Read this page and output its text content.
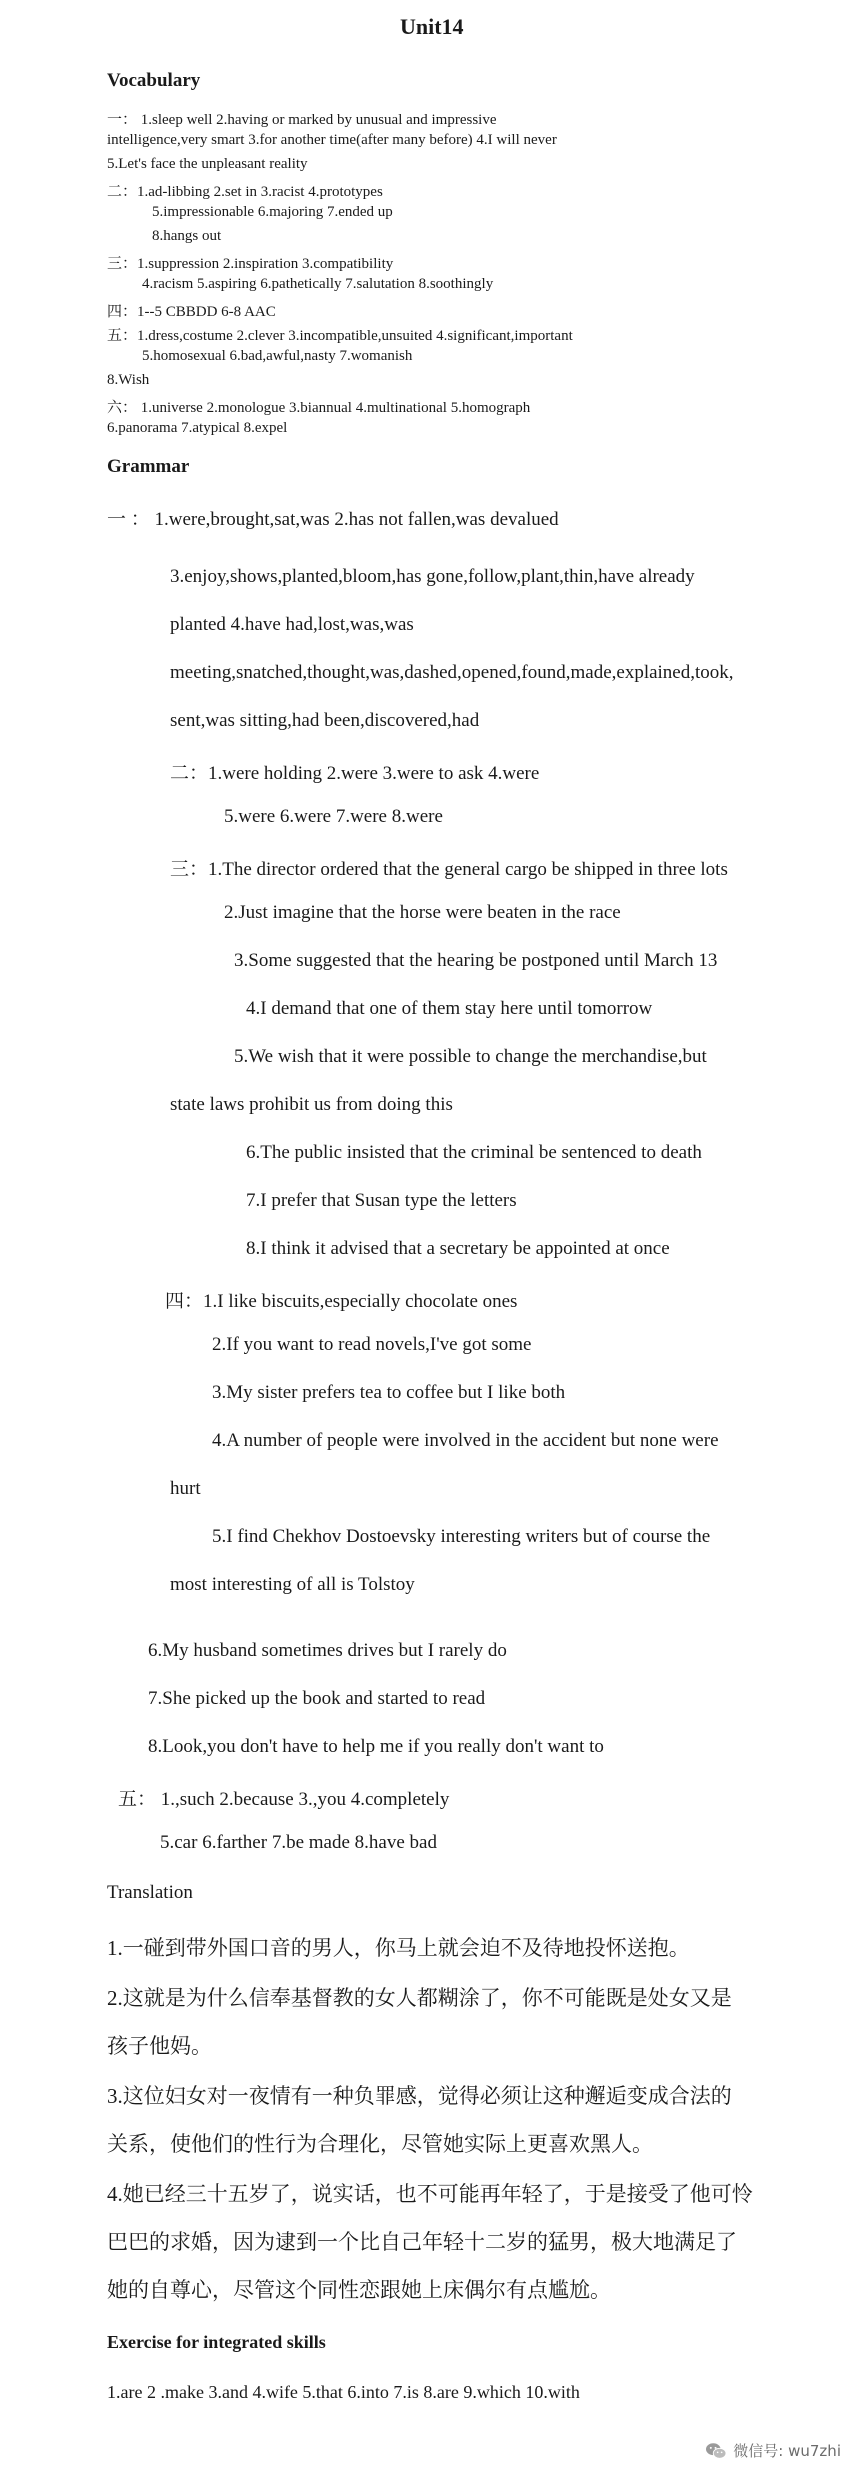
Unit14
Vocabulary
一： 1.sleep well 2.having or marked by unusual and impressive
intelligence,very smart 3.for another time(after many before) 4.I will never
5.Let's face the unpleasant reality
二：1.ad-libbing 2.set in 3.racist 4.prototypes
5.impressionable 6.majoring 7.ended up
8.hangs out
三：1.suppression 2.inspiration 3.compatibility
4.racism 5.aspiring 6.pathetically 7.salutation 8.soothingly
四：1--5 CBBDD 6-8 AAC
五：1.dress,costume 2.clever 3.incompatible,unsuited 4.significant,important
5.homosexual 6.bad,awful,nasty 7.womanish
8.Wish
六： 1.universe 2.monologue 3.biannual 4.multinational 5.homograph
6.panorama 7.atypical 8.expel
Grammar
一 ： 1.were,brought,sat,was 2.has not fallen,was devalued
3.enjoy,shows,planted,bloom,has gone,follow,plant,thin,have already
planted 4.have had,lost,was,was
meeting,snatched,thought,was,dashed,opened,found,made,explained,took,
sent,was sitting,had been,discovered,had
二：1.were holding 2.were 3.were to ask 4.were
5.were 6.were 7.were 8.were
三：1.The director ordered that the general cargo be shipped in three lots
2.Just imagine that the horse were beaten in the race
3.Some suggested that the hearing be postponed until March 13
4.I demand that one of them stay here until tomorrow
5.We wish that it were possible to change the merchandise,but
state laws prohibit us from doing this
6.The public insisted that the criminal be sentenced to death
7.I prefer that Susan type the letters
8.I think it advised that a secretary be appointed at once
四：1.I like biscuits,especially chocolate ones
2.If you want to read novels,I've got some
3.My sister prefers tea to coffee but I like both
4.A number of people were involved in the accident but none were
hurt
5.I find Chekhov Dostoevsky interesting writers but of course the
most interesting of all is Tolstoy
6.My husband sometimes drives but I rarely do
7.She picked up the book and started to read
8.Look,you don't have to help me if you really don't want to
五： 1.,such 2.because 3.,you 4.completely
5.car 6.farther 7.be made 8.have bad
Translation
1.一碰到带外国口音的男人，你马上就会迫不及待地投怀送抱。
2.这就是为什么信奉基督教的女人都糊涂了，你不可能既是处女又是
孩子他妈。
3.这位妇女对一夜情有一种负罪感，觉得必须让这种邂逅变成合法的
关系，使他们的性行为合理化，尽管她实际上更喜欢黑人。
4.她已经三十五岁了，说实话，也不可能再年轻了，于是接受了他可怜
巴巴的求婚，因为逮到一个比自己年轻十二岁的猛男，极大地满足了
她的自尊心，尽管这个同性恋跟她上床偶尔有点尴尬。
Exercise for integrated skills
1.are 2 .make 3.and 4.wife 5.that 6.into 7.is 8.are 9.which 10.with
微信号: wu7zhi
